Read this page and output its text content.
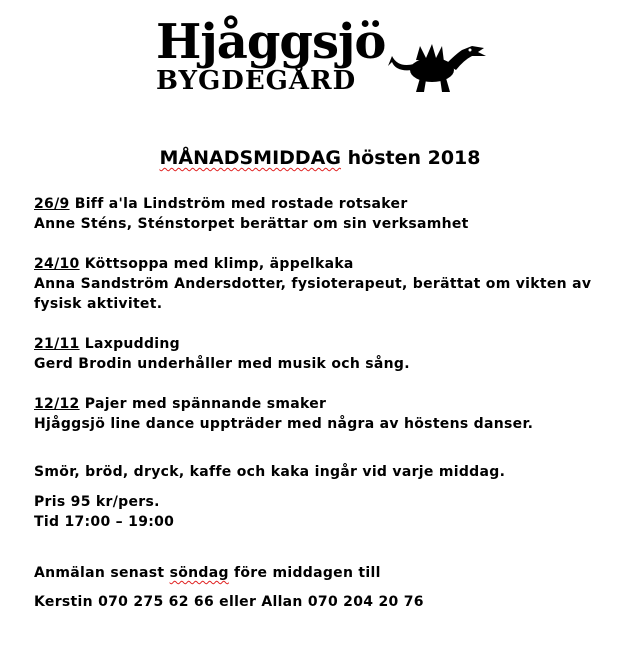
Hjåggsjö
BYGDEGÅRD
MÅNADSMIDDAG hösten 2018
26/9 Biff a'la Lindström med rostade rotsaker
Anne Sténs, Sténstorpet berättar om sin verksamhet
24/10 Köttsoppa med klimp, äppelkaka
Anna Sandström Andersdotter, fysioterapeut, berättat om vikten av
fysisk aktivitet.
21/11 Laxpudding
Gerd Brodin underhåller med musik och sång.
12/12 Pajer med spännande smaker
Hjåggsjö line dance uppträder med några av höstens danser.
Smör, bröd, dryck, kaffe och kaka ingår vid varje middag.
Pris 95 kr/pers.
Tid 17:00 – 19:00
Anmälan senast söndag före middagen till
Kerstin 070 275 62 66 eller Allan 070 204 20 76
